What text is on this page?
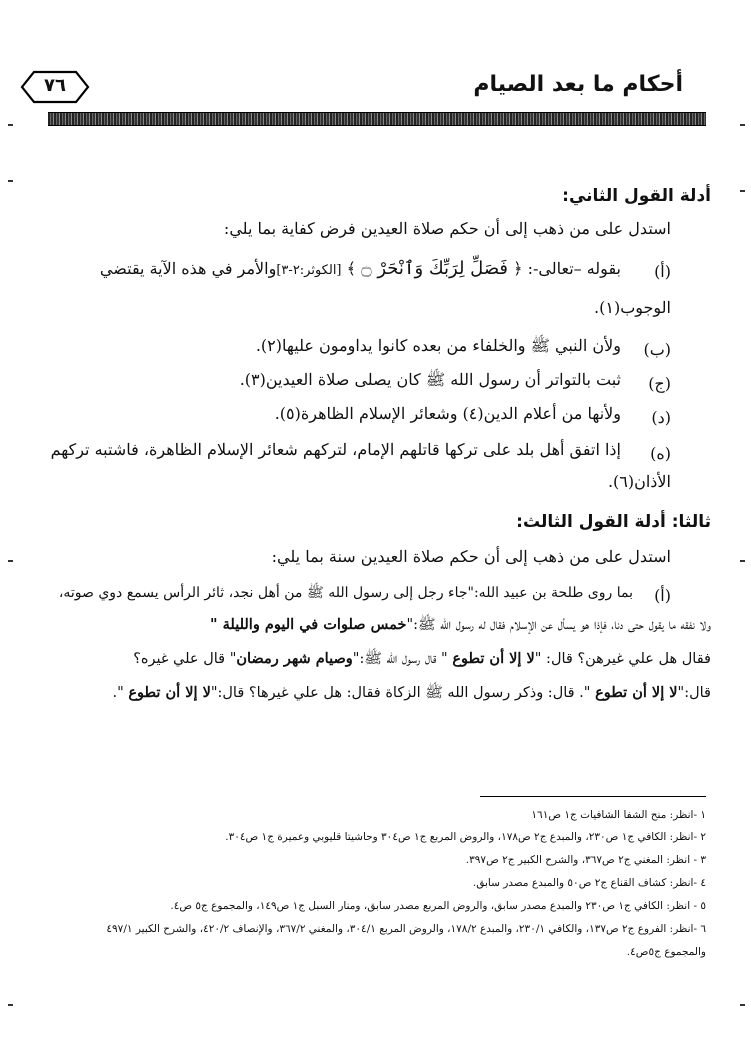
أحكام ما بعد الصيام
٧٦
أدلة القول الثاني:
استدل على من ذهب إلى أن حكم صلاة العيدين فرض كفاية بما يلي:
(أ)
بقوله –تعالى-: ﴿ فَصَلِّ لِرَبِّكَ وَٱنْحَرْ ۝ ﴾ [الكوثر:٢-٣]والأمر في هذه الآية يقتضي
الوجوب(١).
(ب)
ولأن النبي ﷺ والخلفاء من بعده كانوا يداومون عليها(٢).
(ج)
ثبت بالتواتر أن رسول الله ﷺ كان يصلى صلاة العيدين(٣).
(د)
ولأنها من أعلام الدين(٤) وشعائر الإسلام الظاهرة(٥).
(ه)
إذا اتفق أهل بلد على تركها قاتلهم الإمام، لتركهم شعائر الإسلام الظاهرة، فاشتبه تركهم
الأذان(٦).
ثالثا: أدلة القول الثالث:
استدل على من ذهب إلى أن حكم صلاة العيدين سنة بما يلي:
(أ)
بما روى طلحة بن عبيد الله:"جاء رجل إلى رسول الله ﷺ من أهل نجد، ثائر الرأس يسمع دوي صوته،
ولا نفقه ما يقول حتى دنا، فإذا هو يسأل عن الإسلام فقال له رسول الله ﷺ:"خمس صلوات في اليوم والليلة "
فقال هل علي غيرهن؟ قال: "لا إلا أن تطوع " قال رسول الله ﷺ:"وصيام شهر رمضان" قال علي غيره؟
قال:"لا إلا أن تطوع ". قال: وذكر رسول الله ﷺ الزكاة فقال: هل علي غيرها؟ قال:"لا إلا أن تطوع ".
١ -انظر: منح الشفا الشافيات ج١ ص١٦١
٢ -انظر: الكافي ج١ ص٢٣٠، والمبدع ج٢ ص١٧٨، والروض المربع ج١ ص٣٠٤ وحاشيتا قليوبي وعميرة ج١ ص٣٠٤.
٣ - انظر: المغني ج٢ ص٣٦٧، والشرح الكبير ج٢ ص٣٩٧.
٤ -انظر: كشاف القناع ج٢ ص٥٠ والمبدع مصدر سابق.
٥ - انظر: الكافي ج١ ص٢٣٠ والمبدع مصدر سابق، والروض المربع مصدر سابق، ومنار السبل ج١ ص١٤٩، والمجموع ج٥ ص٤.
٦ -انظر: الفروع ج٢ ص١٣٧، والكافي ٢٣٠/١، والمبدع ١٧٨/٢، والروض المربع ٣٠٤/١، والمغني ٣٦٧/٢، والإنصاف ٤٢٠/٢، والشرح الكبير ٤٩٧/١
والمجموع ج٥ص٤.
